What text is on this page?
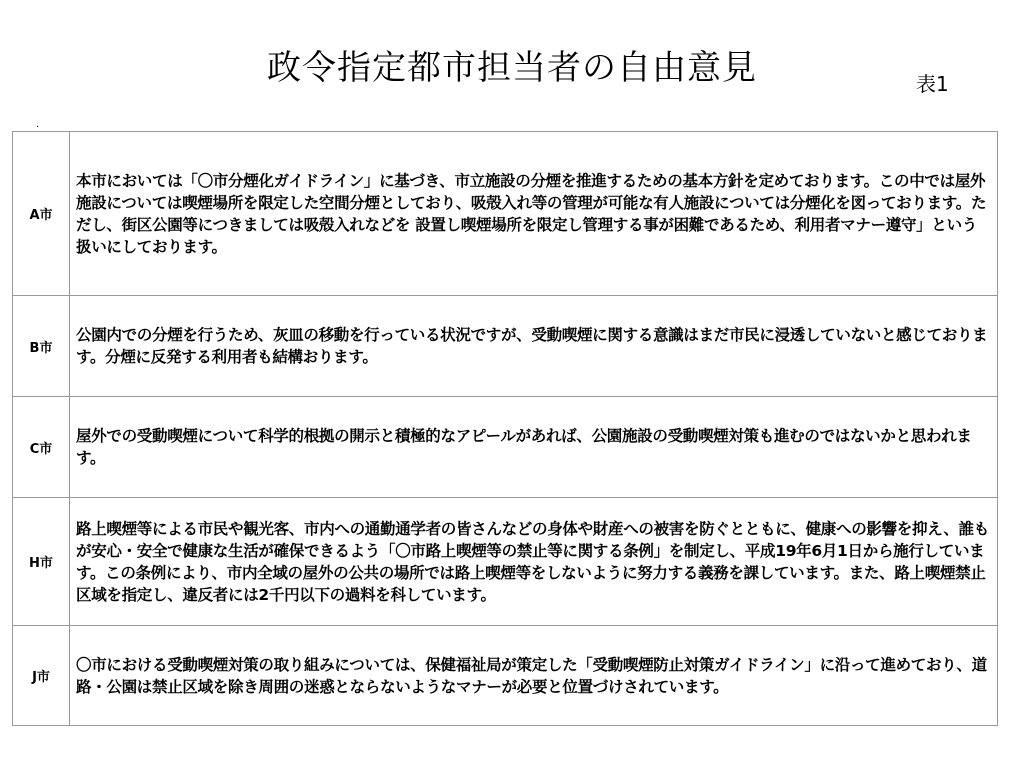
政令指定都市担当者の自由意見	表1
·
A市	本市においては「〇市分煙化ガイドライン」に基づき、市立施設の分煙を推進するための基本方針を定めております。この中では屋外施設については喫煙場所を限定した空間分煙としており、吸殻入れ等の管理が可能な有人施設については分煙化を図っております。ただし、街区公園等につきましては吸殻入れなどを 設置し喫煙場所を限定し管理する事が困難であるため、利用者マナー遵守」という扱いにしております。
B市	公園内での分煙を行うため、灰皿の移動を行っている状況ですが、受動喫煙に関する意識はまだ市民に浸透していないと感じております。分煙に反発する利用者も結構おります。
C市	屋外での受動喫煙について科学的根拠の開示と積極的なアピールがあれば、公園施設の受動喫煙対策も進むのではないかと思われます。
H市	路上喫煙等による市民や観光客、市内への通勤通学者の皆さんなどの身体や財産への被害を防ぐとともに、健康への影響を抑え、誰もが安心・安全で健康な生活が確保できるよう「〇市路上喫煙等の禁止等に関する条例」を制定し、平成19年6月1日から施行しています。この条例により、市内全域の屋外の公共の場所では路上喫煙等をしないように努力する義務を課しています。また、路上喫煙禁止区域を指定し、違反者には2千円以下の過料を科しています。
J市	〇市における受動喫煙対策の取り組みについては、保健福祉局が策定した「受動喫煙防止対策ガイドライン」に沿って進めており、道路・公園は禁止区域を除き周囲の迷惑とならないようなマナーが必要と位置づけされています。
